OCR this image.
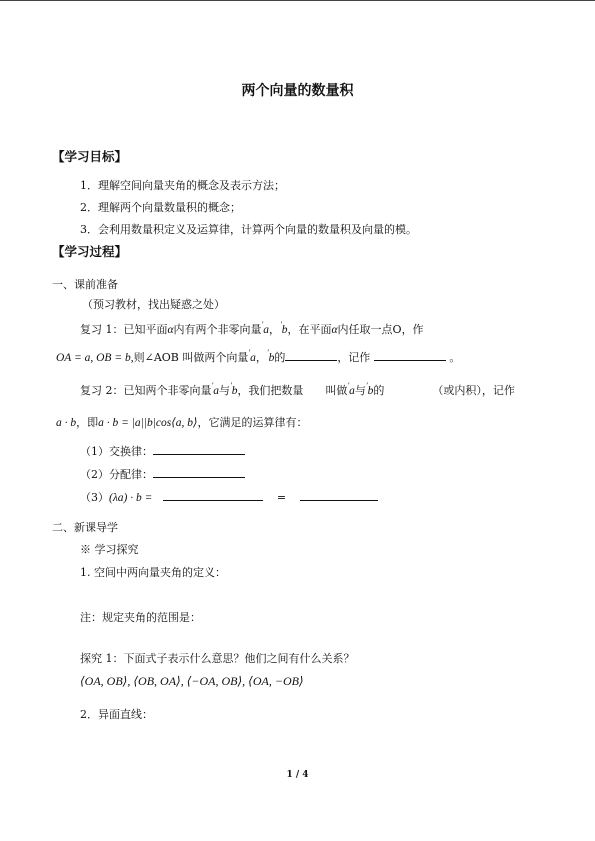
两个向量的数量积
【学习目标】
1．理解空间向量夹角的概念及表示方法；
2．理解两个向量数量积的概念；
3．会利用数量积定义及运算律，计算两个向量的数量积及向量的模。
【学习过程】
一、课前准备
（预习教材，找出疑惑之处）
复习 1：已知平面α内有两个非零向量'a，'b，在平面α内任取一点O，作
OA = a, OB = b,则∠AOB 叫做两个向量'a，'b的	，记作	。
复习 2：已知两个非零向量'a与'b，我们把数量 叫做'a与'b的	（或内积），记作
a · b，即a · b = |a||b|cos⟨a, b⟩，它满足的运算律有：
（1）交换律：
（2）分配律：
（3）(λa) · b =	=
二、新课导学
※ 学习探究
1. 空间中两向量夹角的定义：
注：规定夹角的范围是：
探究 1：下面式子表示什么意思？他们之间有什么关系？
⟨OA, OB⟩, ⟨OB, OA⟩, ⟨−OA, OB⟩, ⟨OA, −OB⟩
2．异面直线：
1 / 4
